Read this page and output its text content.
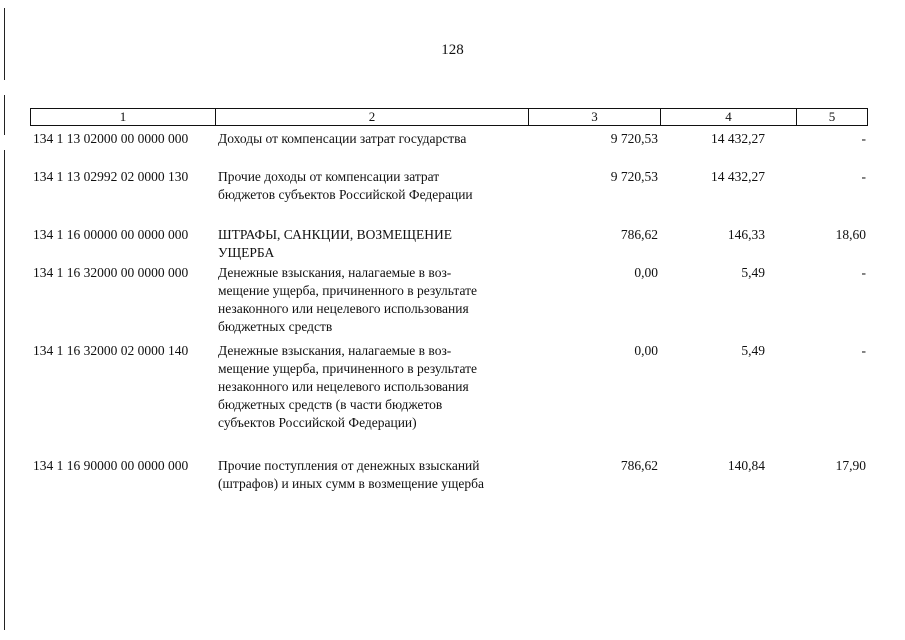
128
1	2	3	4	5
134 1 13 02000 00 0000 000 Доходы от компенсации затрат государства	9 720,53	14 432,27	-
134 1 13 02992 02 0000 130 Прочие доходы от компенсации затрат
бюджетов субъектов Российской Федерации
9 720,53	14 432,27	-
134 1 16 00000 00 0000 000 ШТРАФЫ, САНКЦИИ, ВОЗМЕЩЕНИЕ
УЩЕРБА
786,62	146,33	18,60
134 1 16 32000 00 0000 000 Денежные взыскания, налагаемые в воз-
мещение ущерба, причиненного в результате
незаконного или нецелевого использования
бюджетных средств
0,00	5,49	-
134 1 16 32000 02 0000 140 Денежные взыскания, налагаемые в воз-
мещение ущерба, причиненного в результате
незаконного или нецелевого использования
бюджетных средств (в части бюджетов
субъектов Российской Федерации)
0,00	5,49	-
134 1 16 90000 00 0000 000 Прочие поступления от денежных взысканий
(штрафов) и иных сумм в возмещение ущерба
786,62	140,84	17,90
